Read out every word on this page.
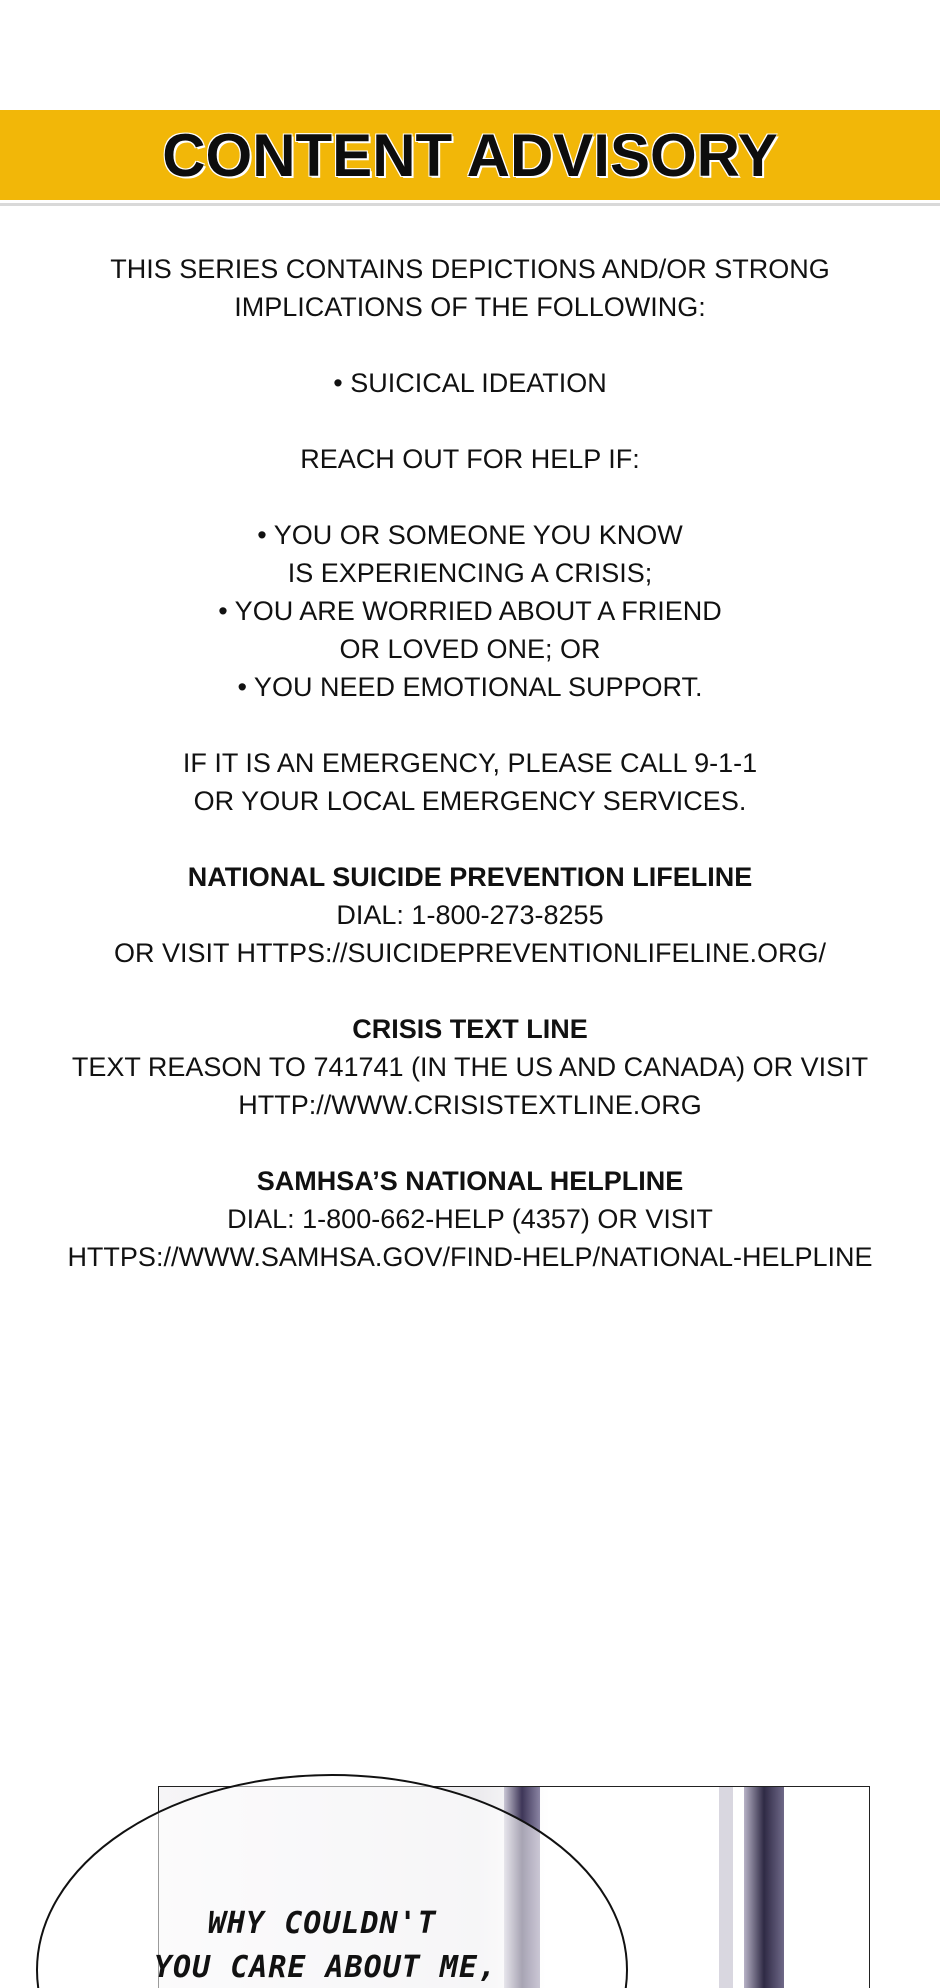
CONTENT ADVISORY
THIS SERIES CONTAINS DEPICTIONS AND/OR STRONG
IMPLICATIONS OF THE FOLLOWING:
• SUICICAL IDEATION
REACH OUT FOR HELP IF:
• YOU OR SOMEONE YOU KNOW
IS EXPERIENCING A CRISIS;
• YOU ARE WORRIED ABOUT A FRIEND
OR LOVED ONE; OR
• YOU NEED EMOTIONAL SUPPORT.
IF IT IS AN EMERGENCY, PLEASE CALL 9-1-1
OR YOUR LOCAL EMERGENCY SERVICES.
NATIONAL SUICIDE PREVENTION LIFELINE
DIAL: 1-800-273-8255
OR VISIT HTTPS://SUICIDEPREVENTIONLIFELINE.ORG/
CRISIS TEXT LINE
TEXT REASON TO 741741 (IN THE US AND CANADA) OR VISIT
HTTP://WWW.CRISISTEXTLINE.ORG
SAMHSA’S NATIONAL HELPLINE
DIAL: 1-800-662-HELP (4357) OR VISIT
HTTPS://WWW.SAMHSA.GOV/FIND-HELP/NATIONAL-HELPLINE
WHY COULDN'T
YOU CARE ABOUT ME,
